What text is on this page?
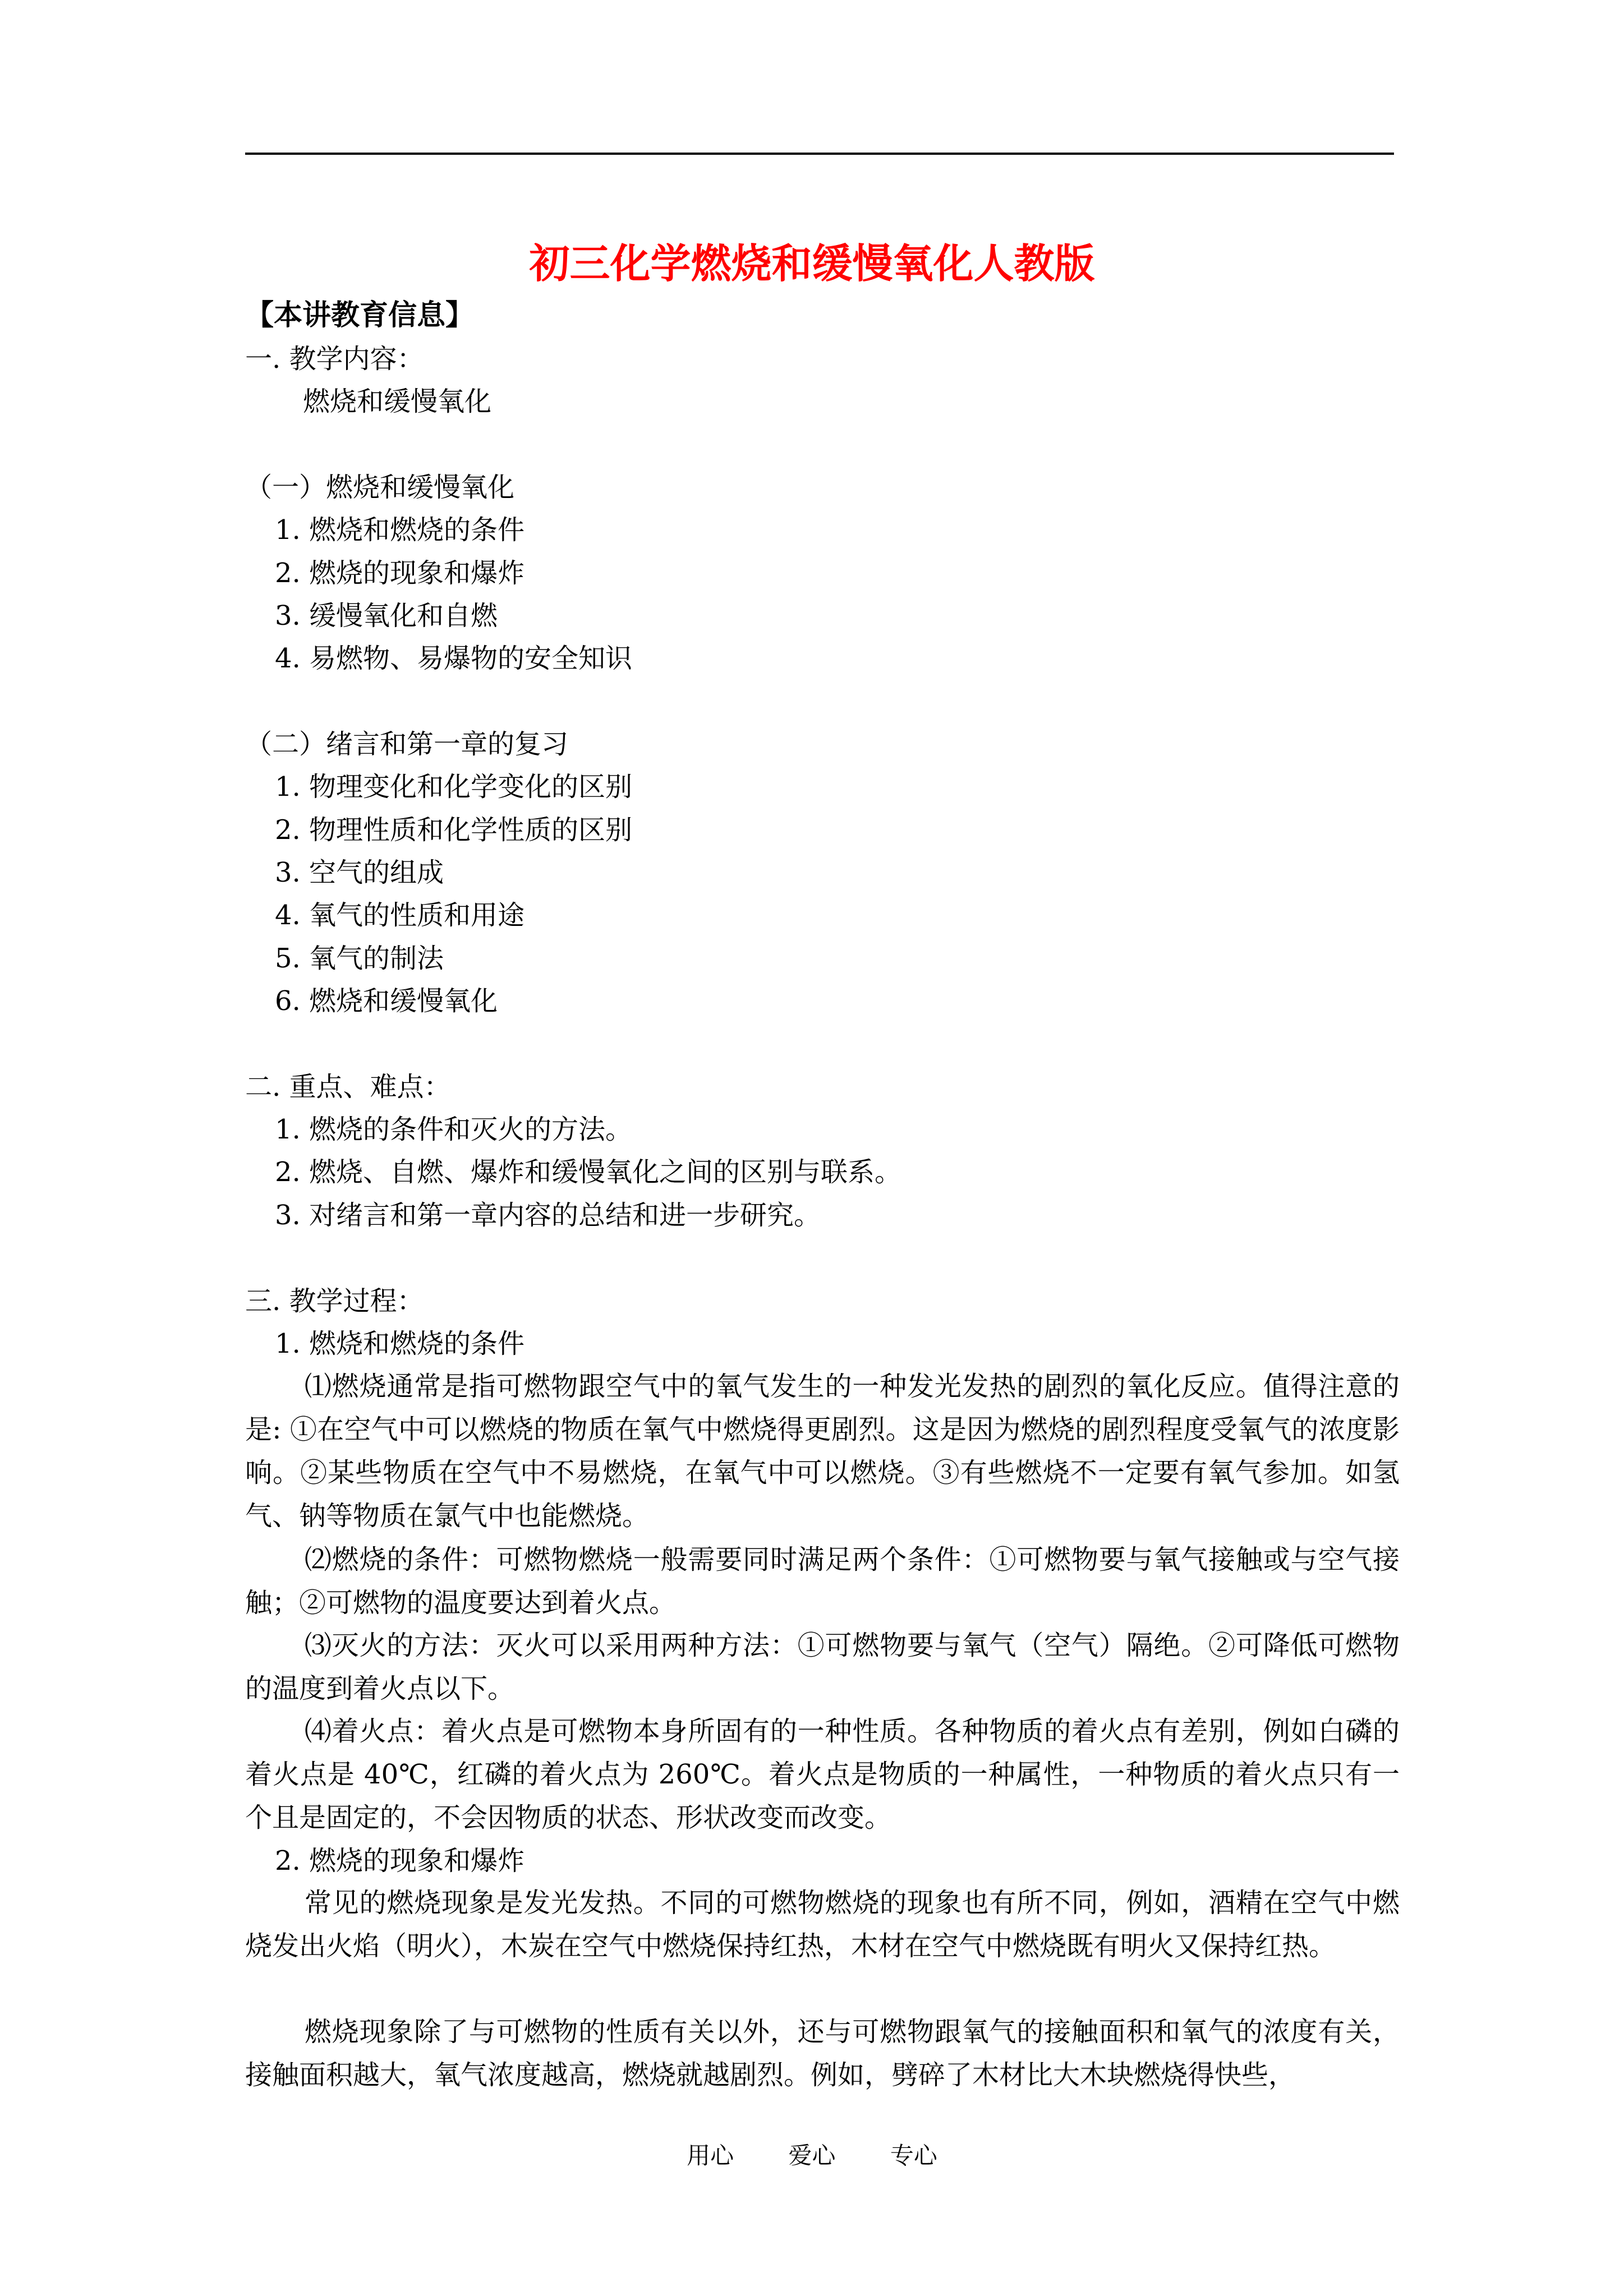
初三化学燃烧和缓慢氧化人教版
【本讲教育信息】
一. 教学内容：
燃烧和缓慢氧化
（一）燃烧和缓慢氧化
1. 燃烧和燃烧的条件
2. 燃烧的现象和爆炸
3. 缓慢氧化和自燃
4. 易燃物、易爆物的安全知识
（二）绪言和第一章的复习
1. 物理变化和化学变化的区别
2. 物理性质和化学性质的区别
3. 空气的组成
4. 氧气的性质和用途
5. 氧气的制法
6. 燃烧和缓慢氧化
二. 重点、难点：
1. 燃烧的条件和灭火的方法。
2. 燃烧、自燃、爆炸和缓慢氧化之间的区别与联系。
3. 对绪言和第一章内容的总结和进一步研究。
三. 教学过程：
1. 燃烧和燃烧的条件
⑴燃烧通常是指可燃物跟空气中的氧气发生的一种发光发热的剧烈的氧化反应。值得注意的是: ①在空气中可以燃烧的物质在氧气中燃烧得更剧烈。这是因为燃烧的剧烈程度受氧气的浓度影响。②某些物质在空气中不易燃烧，在氧气中可以燃烧。③有些燃烧不一定要有氧气参加。如氢气、钠等物质在氯气中也能燃烧。
⑵燃烧的条件：可燃物燃烧一般需要同时满足两个条件：①可燃物要与氧气接触或与空气接触；②可燃物的温度要达到着火点。
⑶灭火的方法：灭火可以采用两种方法：①可燃物要与氧气（空气）隔绝。②可降低可燃物的温度到着火点以下。
⑷着火点：着火点是可燃物本身所固有的一种性质。各种物质的着火点有差别，例如白磷的着火点是 40℃，红磷的着火点为 260℃。着火点是物质的一种属性，一种物质的着火点只有一个且是固定的，不会因物质的状态、形状改变而改变。
2. 燃烧的现象和爆炸
常见的燃烧现象是发光发热。不同的可燃物燃烧的现象也有所不同，例如，酒精在空气中燃烧发出火焰（明火），木炭在空气中燃烧保持红热，木材在空气中燃烧既有明火又保持红热。
燃烧现象除了与可燃物的性质有关以外，还与可燃物跟氧气的接触面积和氧气的浓度有关，接触面积越大，氧气浓度越高，燃烧就越剧烈。例如，劈碎了木材比大木块燃烧得快些，
用心 爱心 专心
